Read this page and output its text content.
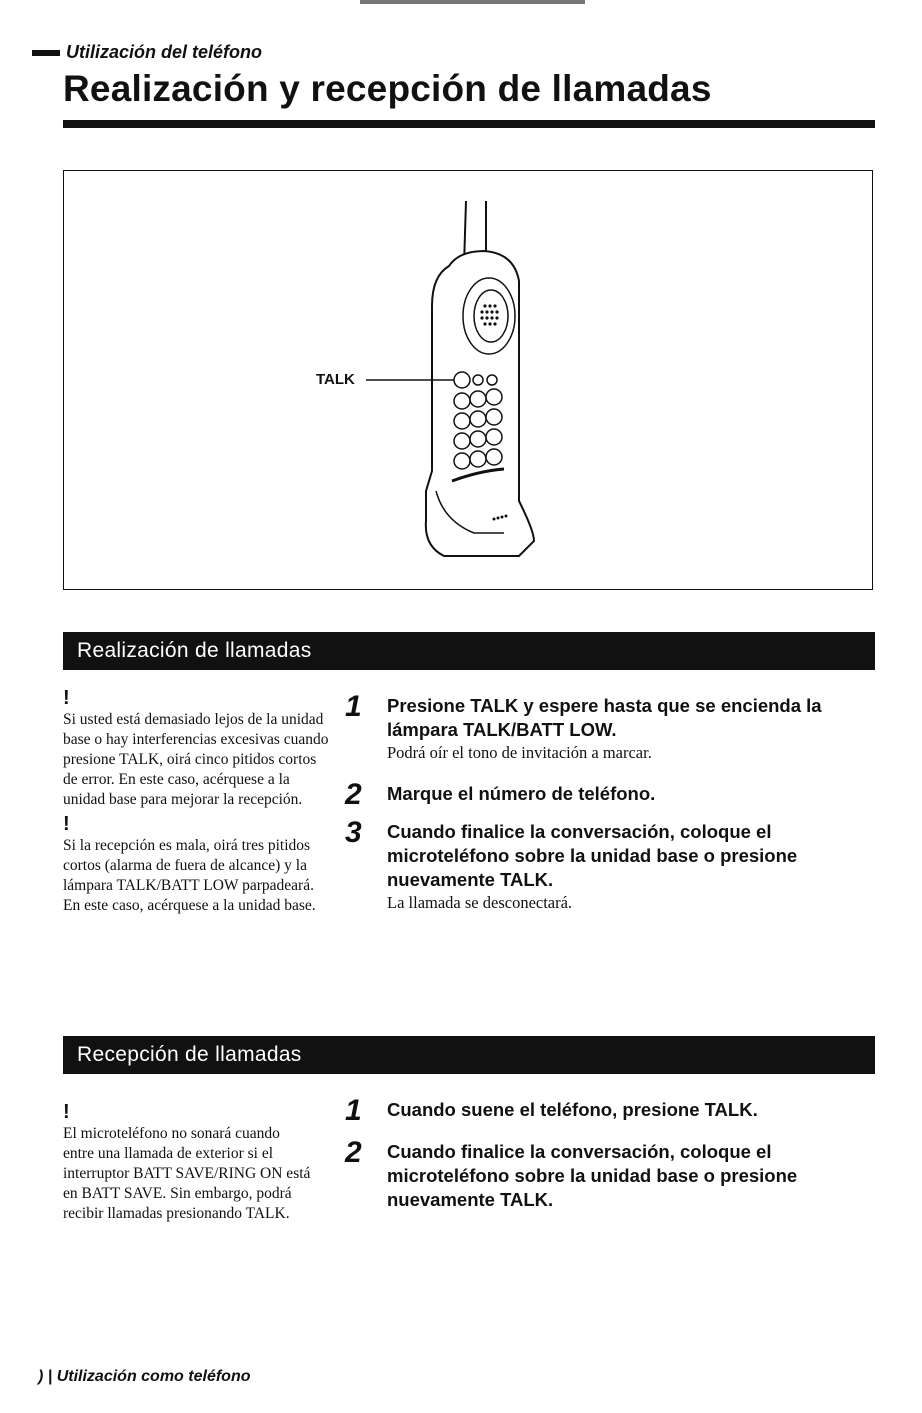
Utilización del teléfono
Realización y recepción de llamadas
TALK
Realización de llamadas
!

Si usted está demasiado lejos de la unidad base o hay interferencias excesivas cuando presione TALK, oirá cinco pitidos cortos de error. En este caso, acérquese a la unidad base para mejorar la recepción.

!

Si la recepción es mala, oirá tres pitidos cortos (alarma de fuera de alcance) y la lámpara TALK/BATT LOW parpadeará. En este caso, acérquese a la unidad base.

1 Presione TALK y espere hasta que se encienda la lámpara TALK/BATT LOW.
Podrá oír el tono de invitación a marcar.
2 Marque el número de teléfono.
3 Cuando finalice la conversación, coloque el microteléfono sobre la unidad base o presione nuevamente TALK.
La llamada se desconectará.
Recepción de llamadas
!

El microteléfono no sonará cuando entre una llamada de exterior si el interruptor BATT SAVE/RING ON está en BATT SAVE. Sin embargo, podrá recibir llamadas presionando TALK.

1 Cuando suene el teléfono, presione TALK.
2 Cuando finalice la conversación, coloque el microteléfono sobre la unidad base o presione nuevamente TALK.
) | Utilización como teléfono
